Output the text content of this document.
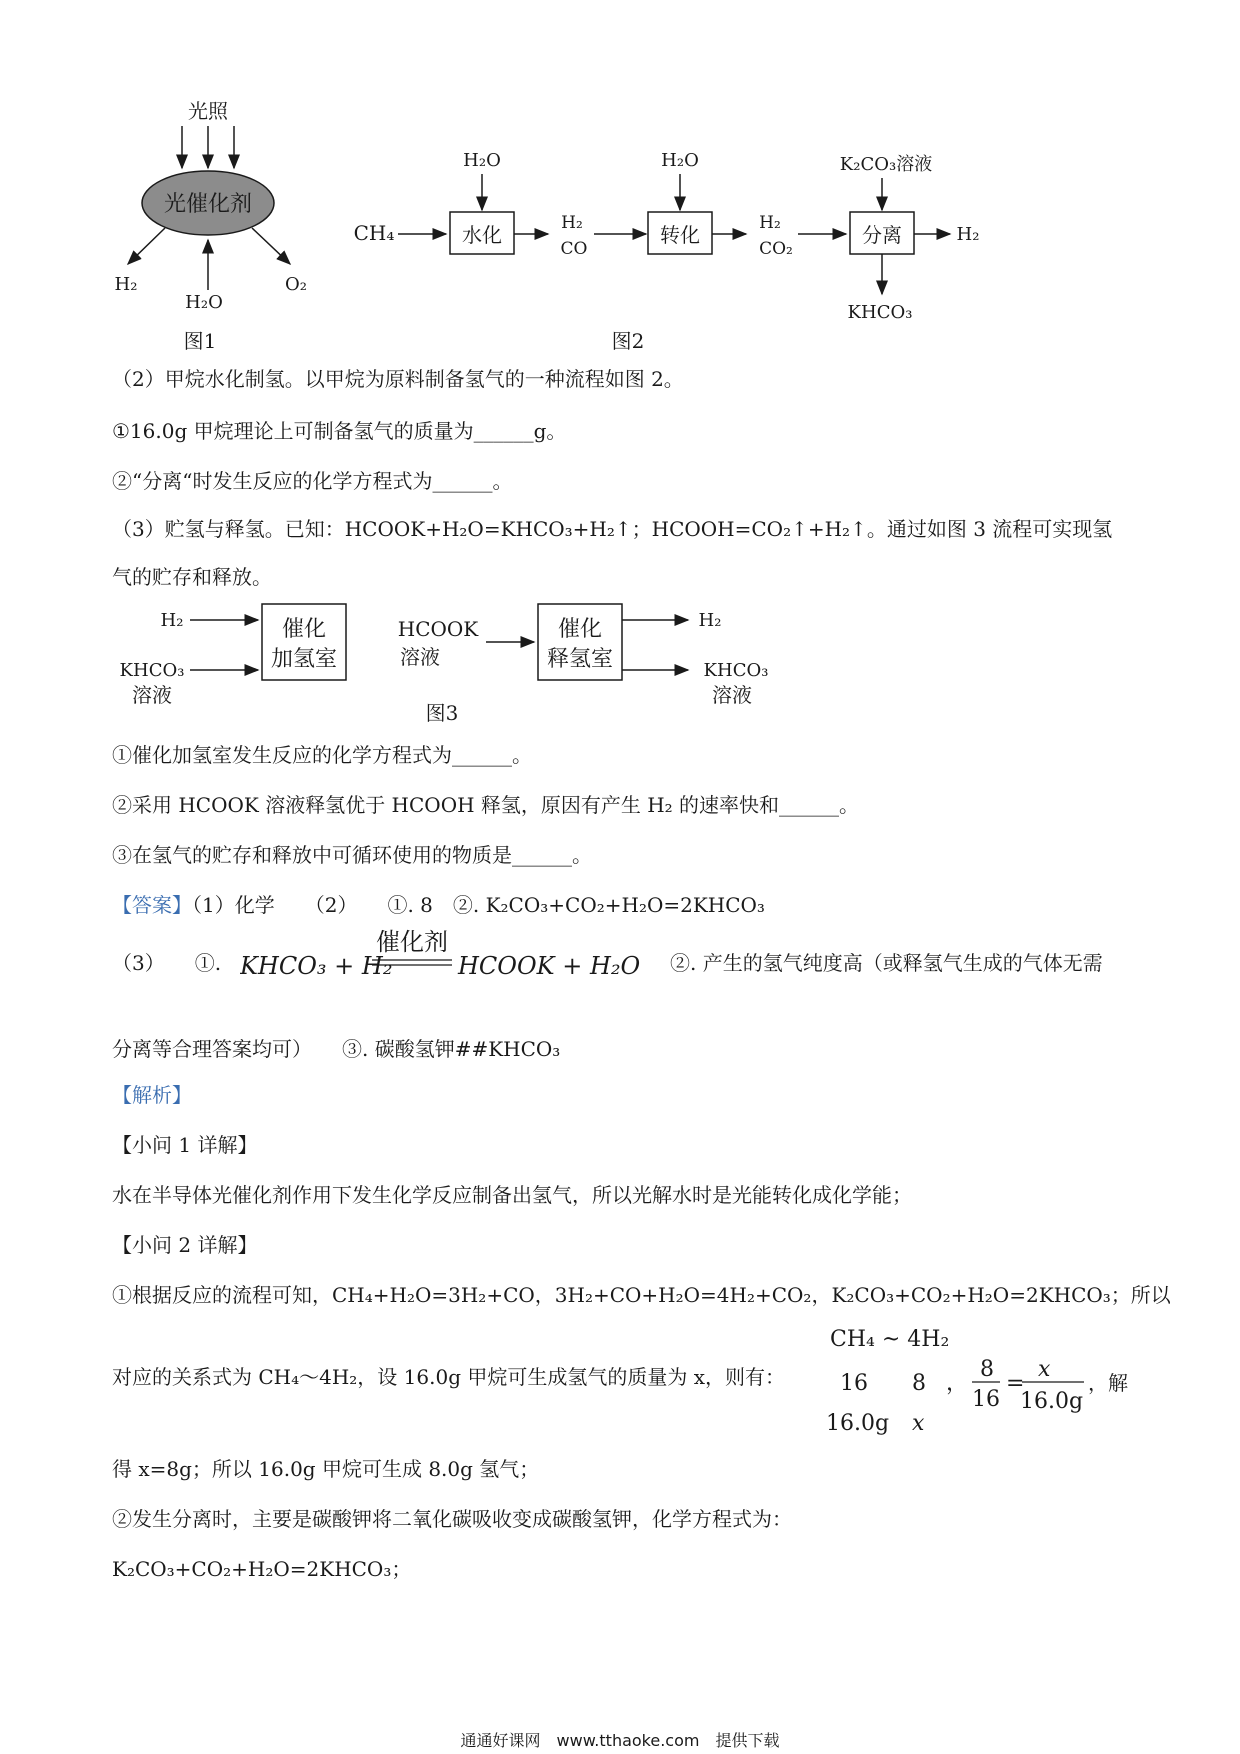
光照
光催化剂
H₂
H₂O
O₂
图1
CH₄
H₂O
水化	H₂
CO
H₂O
转化	H₂
CO₂
K₂CO₃溶液
分离	H₂
KHCO₃
图2
（2）甲烷水化制氢。以甲烷为原料制备氢气的一种流程如图 2。
①16.0g 甲烷理论上可制备氢气的质量为______g。
②“分离“时发生反应的化学方程式为______。
（3）贮氢与释氢。已知：HCOOK+H₂O=KHCO₃+H₂↑；HCOOH=CO₂↑+H₂↑。通过如图 3 流程可实现氢
气的贮存和释放。
H₂
KHCO₃
溶液
催化
加氢室
HCOOK
溶液
催化
释氢室
H₂
KHCO₃
溶液
图3
①催化加氢室发生反应的化学方程式为______。
②采用 HCOOK 溶液释氢优于 HCOOH 释氢，原因有产生 H₂ 的速率快和______。
③在氢气的贮存和释放中可循环使用的物质是______。
【答案】（1）化学　　（2）　　①. 8　②. K₂CO₃+CO₂+H₂O=2KHCO₃
（3）　　①. KHCO₃ + H₂
催化剂
HCOOK + H₂O ②. 产生的氢气纯度高（或释氢气生成的气体无需
分离等合理答案均可）　　③. 碳酸氢钾##KHCO₃
【解析】
【小问 1 详解】
水在半导体光催化剂作用下发生化学反应制备出氢气，所以光解水时是光能转化成化学能；
【小问 2 详解】
①根据反应的流程可知，CH₄+H₂O=3H₂+CO，3H₂+CO+H₂O=4H₂+CO₂，K₂CO₃+CO₂+H₂O=2KHCO₃；所以
对应的关系式为 CH₄～4H₂，设 16.0g 甲烷可生成氢气的质量为 x，则有：
CH₄ ~ 4H₂
16 8
16.0g x
，
8
16
=
x
16.0g
，解
得 x=8g；所以 16.0g 甲烷可生成 8.0g 氢气；
②发生分离时，主要是碳酸钾将二氧化碳吸收变成碳酸氢钾，化学方程式为：
K₂CO₃+CO₂+H₂O=2KHCO₃；
通通好课网　www.tthaoke.com　提供下载
